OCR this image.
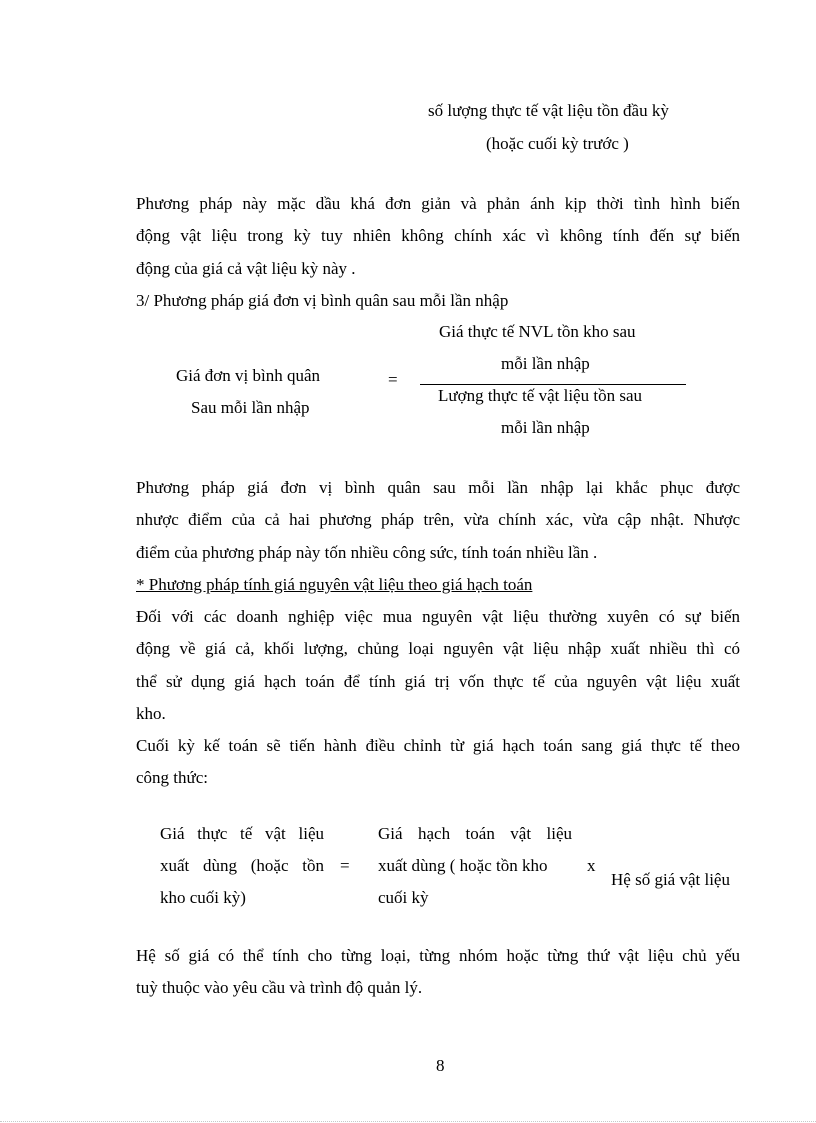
số lượng thực tế vật liệu tồn đầu kỳ
(hoặc cuối kỳ trước )
Phương pháp này mặc dầu khá đơn giản và phản ánh kịp thời tình hình biến
động vật liệu trong kỳ tuy nhiên không chính xác vì không tính đến sự biến
động của giá cả vật liệu kỳ này .
3/ Phương pháp giá đơn vị bình quân sau mỗi lần nhập
Giá đơn vị bình quân
Sau mỗi lần nhập
=
Giá thực tế NVL tồn kho sau
mỗi lần nhập
Lượng thực tế vật liệu tồn sau
mỗi lần nhập
Phương pháp giá đơn vị bình quân sau mỗi lần nhập lại khắc phục được
nhược điểm của cả hai phương pháp trên, vừa chính xác, vừa cập nhật. Nhược
điểm của phương pháp này tốn nhiều công sức, tính toán nhiều lần .
* Phương pháp tính giá nguyên vật liệu theo giá hạch toán
Đối với các doanh nghiệp việc mua nguyên vật liệu thường xuyên có sự biến
động về giá cả, khối lượng, chủng loại nguyên vật liệu nhập xuất nhiều thì có
thể sử dụng giá hạch toán để tính giá trị vốn thực tế của nguyên vật liệu xuất
kho.
Cuối kỳ kế toán sẽ tiến hành điều chỉnh từ giá hạch toán sang giá thực tế theo
công thức:
Giá thực tế vật liệu
xuất dùng (hoặc tồn
kho cuối kỳ)
=
Giá hạch toán vật liệu
xuất dùng ( hoặc tồn kho
cuối kỳ
x
Hệ số giá vật liệu
Hệ số giá có thể tính cho từng loại, từng nhóm hoặc từng thứ vật liệu chủ yếu
tuỳ thuộc vào yêu cầu và trình độ quản lý.
8
